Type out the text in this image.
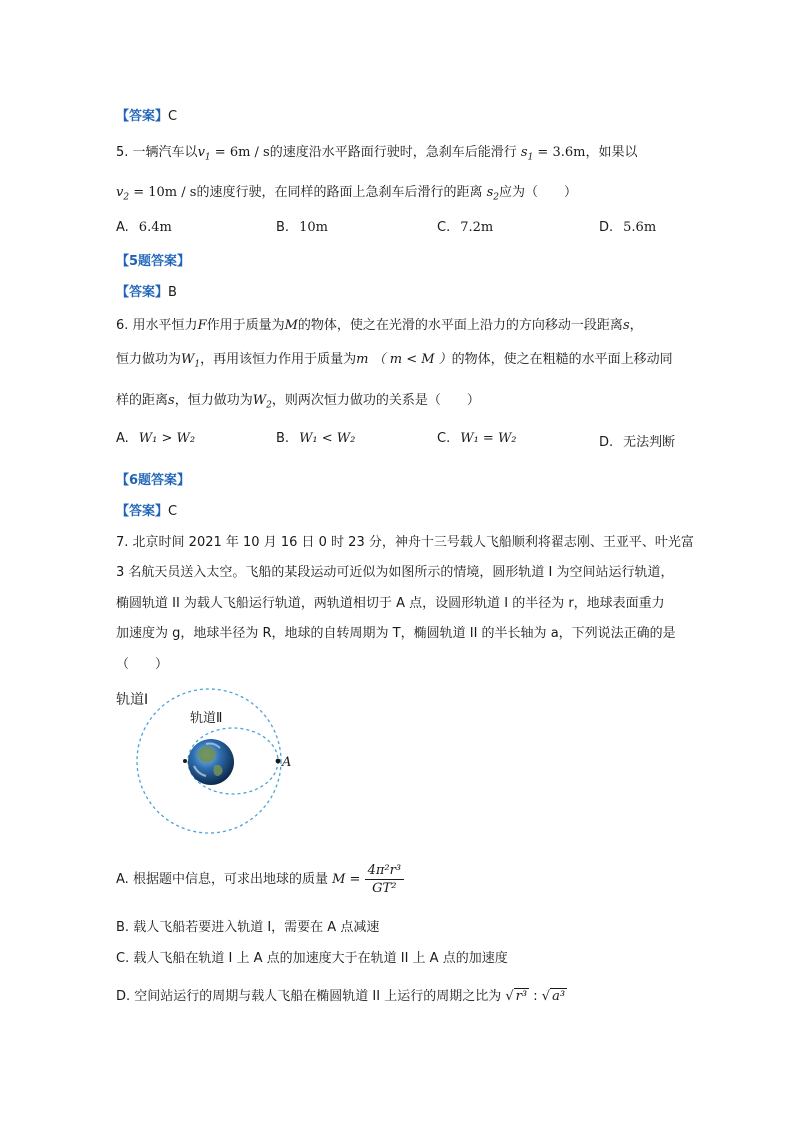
【答案】C
5. 一辆汽车以$v_1 = 6m / s$的速度沿水平路面行驶时，急刹车后能滑行 $s_1 = 3.6m$，如果以
$v_2 = 10m / s$的速度行驶，在同样的路面上急刹车后滑行的距离 $s_2$应为（　　）
A. 6.4m	B. 10m	C. 7.2m	D. 5.6m
【5题答案】
【答案】B
6. 用水平恒力F作用于质量为M的物体，使之在光滑的水平面上沿力的方向移动一段距离s，
恒力做功为$W_1$，再用该恒力作用于质量为m （ m < M ）的物体，使之在粗糙的水平面上移动同
样的距离s，恒力做功为$W_2$，则两次恒力做功的关系是（　　）
A. W₁ > W₂	B. W₁ < W₂	C. W₁ = W₂	D. 无法判断
【6题答案】
【答案】C
7. 北京时间 2021 年 10 月 16 日 0 时 23 分，神舟十三号载人飞船顺利将翟志刚、王亚平、叶光富
3 名航天员送入太空。飞船的某段运动可近似为如图所示的情境，圆形轨道 I 为空间站运行轨道，
椭圆轨道 II 为载人飞船运行轨道，两轨道相切于 A 点，设圆形轨道 I 的半径为 r，地球表面重力
加速度为 g，地球半径为 R，地球的自转周期为 T，椭圆轨道 II 的半长轴为 a，下列说法正确的是
（　　）
轨道Ⅰ
轨道Ⅱ
A
A. 根据题中信息，可求出地球的质量 $M = \frac{\text{4π²r³}}{\text{GT²}}$
B. 载人飞船若要进入轨道 I，需要在 A 点减速
C. 载人飞船在轨道 I 上 A 点的加速度大于在轨道 II 上 A 点的加速度
D. 空间站运行的周期与载人飞船在椭圆轨道 II 上运行的周期之比为 √ r³ : √ a³
